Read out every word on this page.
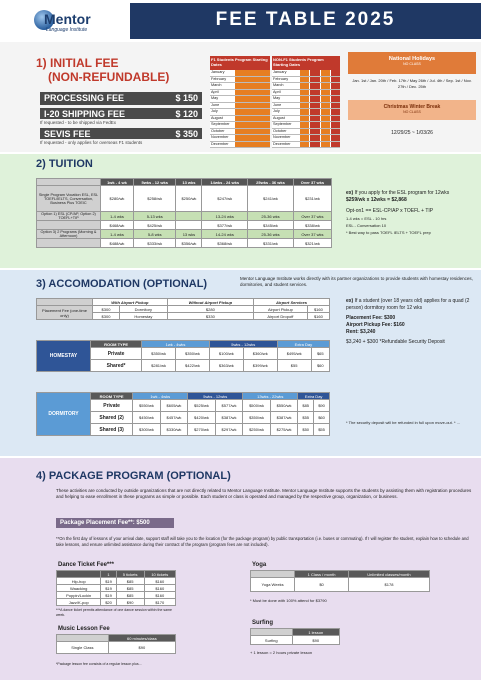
Mentor
Language Institute	FEE TABLE 2025
1) INITIAL FEE
(NON-REFUNDABLE)
PROCESSING FEE	$ 150
I-20 SHIPPING FEE	$ 120
If requested - to be shipped via FedEx
SEVIS FEE	$ 350
If requested - only applies for overseas F1 students
F1 Students Program Starting Dates
January
February
March
April
May
June
July
August
September
October
November
December
NON-F1 Students Program Starting Dates
January
February
March
April
May
June
July
August
September
October
November
December
National Holidays
NO CLASS
Jan. 1st / Jan. 20th / Feb. 17th / May 26th / Jul. 4th / Sep. 1st / Nov. 27th / Dec. 25th
Christmas Winter Break
NO CLASS
12/29/25 ~ 1/03/26
2) TUITION
	1wk - 4 wk	5wks - 12 wks	13 wks	14wks - 24 wks	25wks - 36 wks	Over 37 wks
Single Program Vocation ESL, ESL TOEFL/IELTS, Conversation, Business Plus TOEIC	$280/wk	$258/wk	$250/wk	$247/wk	$241/wk	$231/wk
Option 1) ESL (CP/AP, Option 2) TOEFL+TIP	1-4 wks	5-13 wks		13-24 wks	25-36 wks	Over 37 wks
	$468/wk	$425/wk		$377/wk	$345/wk	$338/wk
Option 3) 2 Programs (Morning & Afternoon)	1-4 wks	5-8 wks	13 wks	14-24 wks	25-36 wks	Over 37 wks
	$488/wk	$333/wk	$356/wk	$368/wk	$331/wk	$321/wk
ex) If you apply for the ESL program for 12wks
$259/wk x 12wks = $2,868
Opt-on1 == ESL-CP/AP x TOEFL + TIP
1-4 wks = ESL - 10 hrs
ESL - Conversation 10
* Best way to pass TOEFL IELTS + TOEFL prep
3) ACCOMODATION (OPTIONAL)	Mentor Language Institute works directly with its partner organizations to provide students with homestay residences, dormitories, and student services.
	With Airport Pickup		Without Airport Pickup	Airport Services	
Placement Fee (one-time only)	$300	Dormitory	$280	Airport Pickup	$160
	$300	Homestay	$330	Airport Dropoff	$160
HOMESTAY	ROOM TYPE	1wk - 4wks		5wks - 12wks		Extra Day	
	Private	$350/wk	$350/wk	$100/wk	$360/wk	$495/wk	$65
	Shared*	$281/wk	$422/wk	$363/wk	$399/wk	$55	$60
DORMITORY	ROOM TYPE	1wk - 4wks		5wks - 12wks		13wks - 22wks		Extra Day	
	Private	$550/wk	$605/wk	$525/wk	$577/wk	$500/wk	$550/wk	$85	$90
	Shared (2)	$450/wk	$457/wk	$420/wk	$387/wk	$350/wk	$387/wk	$55	$60
	Shared (3)	$300/wk	$330/wk	$270/wk	$297/wk	$250/wk	$275/wk	$50	$55
ex) If a student (over 18 years old) applies for a quad (2 person) dormitory room for 12 wks
Placement Fee: $300
Airport Pickup Fee: $160
Rent: $3,240
$3,240 + $300 *Refundable Security Deposit
* The security deposit will be refunded in full upon move-out. * ...
4) PACKAGE PROGRAM (OPTIONAL)
These activities are conducted by outside organizations that are not directly related to Mentor Language Institute. Mentor Language Institute supports the students by assisting them with registration procedures and helping to ease enrollment in these programs as simple or possible. Each student or class is operated and managed by the respective group, organization, or business.
Package Placement Fee**: $500
**On the first day of lessons of your arrival date, support staff will take you to the location (for the package program) by public transportation (i.e. buses or commuting). If I will register the student, explain how to schedule and take lessons, and ensure unlimited assistance during their contract of the program (program fees are not included).
Dance Ticket Fee***
	1	5 tickets	10 tickets
Hip-hop	$19	$85	$160
Waacking	$19	$85	$160
Poppin/Lockin	$19	$85	$160
Jazz/K-pop	$20	$90	$170
***A dance ticket permits attendance of one dance session within the same week.
Music Lesson Fee
	60 minutes/class
Single Class	$90
*Package lesson fee consists of a regular lesson plus...
Yoga
	1 Class / month	Unlimited classes/month
Yoga Weeks	$0	$178
* Must be done with 100% attend for $3790
Surfing
	1 lesson
Surfing	$90
+ 1 lesson = 2 hours private lesson
